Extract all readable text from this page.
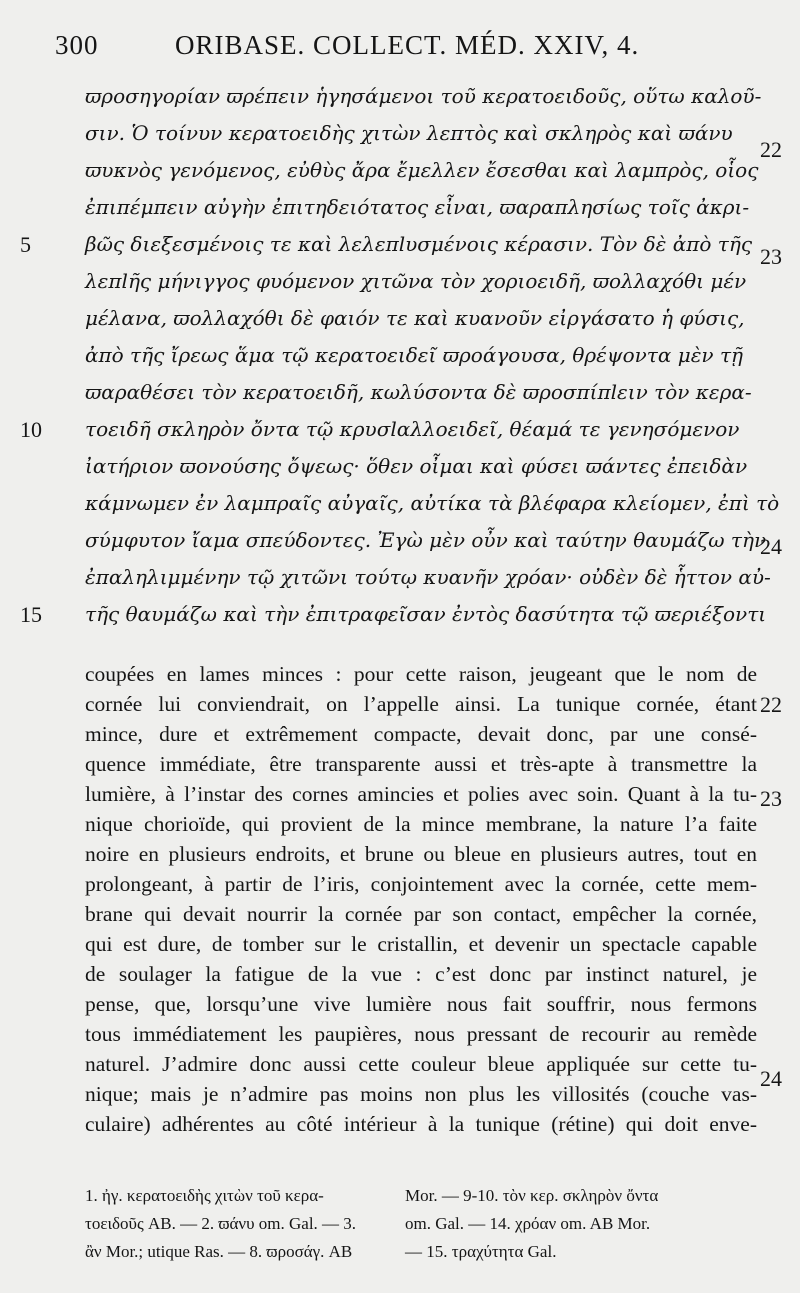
300	ORIBASE. COLLECT. MÉD. XXIV, 4.
ϖροσηγορίαν ϖρέπειν ἡγησάμενοι τοῦ κερατοειδοῦς, οὕτω καλοῦ-
σιν. Ὁ τοίνυν κερατοειδὴς χιτὼν λεπτὸς καὶ σκληρὸς καὶ ϖάνυ
ϖυκνὸς γενόμενος, εὐθὺς ἄρα ἔμελλεν ἔσεσθαι καὶ λαμπρὸς, οἷος
ἐπιπέμπειν αὐγὴν ἐπιτηδειότατος εἶναι, ϖαραπλησίως τοῖς ἀκρι-
βῶς διεξεσμένοις τε καὶ λελεπlυσμένοις κέρασιν. Τὸν δὲ ἀπὸ τῆς
λεπlῆς μήνιγγος φυόμενον χιτῶνα τὸν χοριοειδῆ, ϖολλαχόθι μέν
μέλανα, ϖολλαχόθι δὲ φαιόν τε καὶ κυανοῦν εἰργάσατο ἡ φύσις,
ἀπὸ τῆς ἴρεως ἅμα τῷ κερατοειδεῖ ϖροάγουσα, θρέψοντα μὲν τῇ
ϖαραθέσει τὸν κερατοειδῆ, κωλύσοντα δὲ ϖροσπίπlειν τὸν κερα-
τοειδῆ σκληρὸν ὄντα τῷ κρυσlαλλοειδεῖ, θέαμά τε γενησόμενον
ἰατήριον ϖονούσης ὄψεως· ὅθεν οἶμαι καὶ φύσει ϖάντες ἐπειδὰν
κάμνωμεν ἐν λαμπραῖς αὐγαῖς, αὐτίκα τὰ βλέφαρα κλείομεν, ἐπὶ τὸ
σύμφυτον ἴαμα σπεύδοντες. Ἐγὼ μὲν οὖν καὶ ταύτην θαυμάζω τὴν
ἐπαληλιμμένην τῷ χιτῶνι τούτῳ κυανῆν χρόαν· οὐδὲν δὲ ἧττον αὐ-
τῆς θαυμάζω καὶ τὴν ἐπιτραφεῖσαν ἐντὸς δασύτητα τῷ ϖεριέξοντι
5
10
15
22
23
24
coupées en lames minces : pour cette raison, jeugeant que le nom de
cornée lui conviendrait, on l’appelle ainsi. La tunique cornée, étant
mince, dure et extrêmement compacte, devait donc, par une consé-
quence immédiate, être transparente aussi et très-apte à transmettre la
lumière, à l’instar des cornes amincies et polies avec soin. Quant à la tu-
nique chorioïde, qui provient de la mince membrane, la nature l’a faite
noire en plusieurs endroits, et brune ou bleue en plusieurs autres, tout en
prolongeant, à partir de l’iris, conjointement avec la cornée, cette mem-
brane qui devait nourrir la cornée par son contact, empêcher la cornée,
qui est dure, de tomber sur le cristallin, et devenir un spectacle capable
de soulager la fatigue de la vue : c’est donc par instinct naturel, je
pense, que, lorsqu’une vive lumière nous fait souffrir, nous fermons
tous immédiatement les paupières, nous pressant de recourir au remède
naturel. J’admire donc aussi cette couleur bleue appliquée sur cette tu-
nique; mais je n’admire pas moins non plus les villosités (couche vas-
culaire) adhérentes au côté intérieur à la tunique (rétine) qui doit enve-
22
23
24
1. ἠγ. κερατοειδὴς χιτὼν τοῦ κερα-
τοειδοῦς AB. — 2. ϖάνυ om. Gal. — 3.
ἂν Mor.; utique Ras. — 8. ϖροσάγ. AB
Mor. — 9-10. τὸν κερ. σκληρὸν ὄντα
om. Gal. — 14. χρόαν om. AB Mor.
— 15. τραχύτητα Gal.
